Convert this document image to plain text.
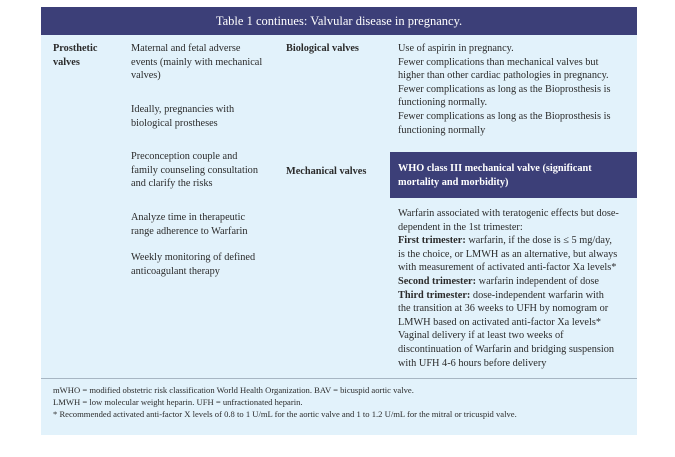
Table 1 continues: Valvular disease in pregnancy.
Prosthetic
valves
Maternal and fetal adverse
events (mainly with mechanical
valves)
Ideally, pregnancies with
biological prostheses
Preconception couple and
family counseling consultation
and clarify the risks
Analyze time in therapeutic
range adherence to Warfarin
Weekly monitoring of defined
anticoagulant therapy
Biological valves
Mechanical valves
Use of aspirin in pregnancy.
Fewer complications than mechanical valves but
higher than other cardiac pathologies in pregnancy.
Fewer complications as long as the Bioprosthesis is
functioning normally.
Fewer complications as long as the Bioprosthesis is
functioning normally
WHO class III mechanical valve (significant
mortality and morbidity)
Warfarin associated with teratogenic effects but dose-
dependent in the 1st trimester:
First trimester: warfarin, if the dose is ≤ 5 mg/day,
is the choice, or LMWH as an alternative, but always
with measurement of activated anti-factor Xa levels*
Second trimester: warfarin independent of dose
Third trimester: dose-independent warfarin with
the transition at 36 weeks to UFH by nomogram or
LMWH based on activated anti-factor Xa levels*
Vaginal delivery if at least two weeks of
discontinuation of Warfarin and bridging suspension
with UFH 4-6 hours before delivery
mWHO = modified obstetric risk classification World Health Organization. BAV = bicuspid aortic valve.
LMWH = low molecular weight heparin. UFH = unfractionated heparin.
* Recommended activated anti-factor X levels of 0.8 to 1 U/mL for the aortic valve and 1 to 1.2 U/mL for the mitral or tricuspid valve.
